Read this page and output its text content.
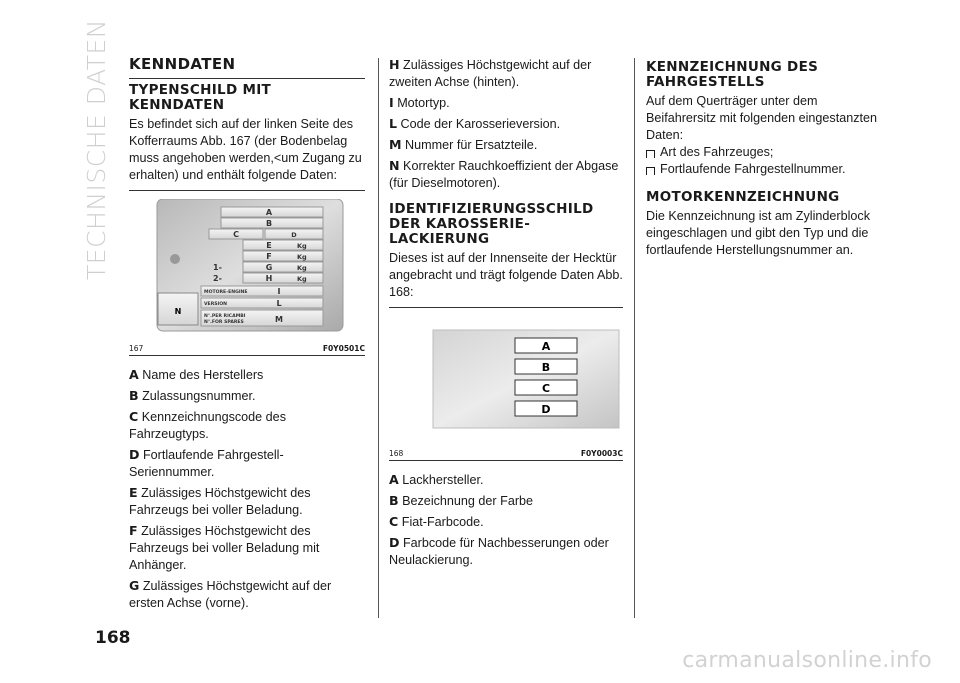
TECHNISCHE DATEN KENNDATEN
TYPENSCHILD MIT KENNDATEN

Es befindet sich auf der linken Seite des Kofferraums Abb. 167 (der Bodenbelag muss angehoben werden,<um Zugang zu erhalten) und enthält folgende Daten:

N
A
B
C	D
E	Kg
F	Kg
1-	G	Kg
2-	H	Kg
MOTORE-ENGINE	I
VERSION	L
N°.PER RICAMBI
N°.FOR SPARES	M
167	F0Y0501C
A Name des Herstellers
B Zulassungsnummer.
C Kennzeichnungscode des Fahrzeugtyps.
D Fortlaufende Fahrgestell-Seriennummer.
E Zulässiges Höchstgewicht des Fahrzeugs bei voller Beladung.
F Zulässiges Höchstgewicht des Fahrzeugs bei voller Beladung mit Anhänger.
G Zulässiges Höchstgewicht auf der ersten Achse (vorne).
H Zulässiges Höchstgewicht auf der zweiten Achse (hinten).
I Motortyp.
L Code der Karosserieversion.
M Nummer für Ersatzteile.
N Korrekter Rauchkoeffizient der Abgase (für Dieselmotoren).
IDENTIFIZIERUNGSSCHILD DER KAROSSERIE-LACKIERUNG

Dieses ist auf der Innenseite der Hecktür angebracht und trägt folgende Daten Abb. 168:

A
B
C
D
168	F0Y0003C
A Lackhersteller.
B Bezeichnung der Farbe
C Fiat-Farbcode.
D Farbcode für Nachbesserungen oder Neulackierung.
KENNZEICHNUNG DES FAHRGESTELLS

Auf dem Querträger unter dem Beifahrersitz mit folgenden eingestanzten Daten:

Art des Fahrzeuges;
Fortlaufende Fahrgestellnummer.
MOTORKENNZEICHNUNG

Die Kennzeichnung ist am Zylinderblock eingeschlagen und gibt den Typ und die fortlaufende Herstellungsnummer an.

168
carmanualsonline.info
